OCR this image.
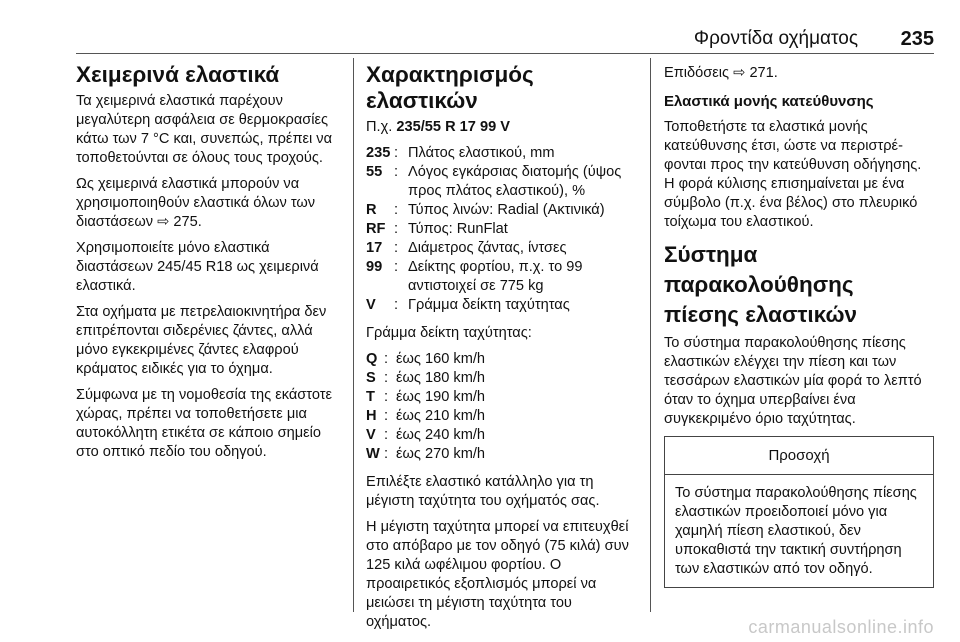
Φροντίδα οχήματος 235
Χειμερινά ελαστικά

Τα χειμερινά ελαστικά παρέχουν μεγαλύτερη ασφάλεια σε θερμοκρασίες κάτω των 7 °C και, συνεπώς, πρέπει να τοποθετούνται σε όλους τους τροχούς.

Ως χειμερινά ελαστικά μπορούν να χρησιμοποιηθούν ελαστικά όλων των διαστάσεων ⇨ 275.

Χρησιμοποιείτε μόνο ελαστικά διαστάσεων 245/45 R18 ως χειμερινά ελαστικά.

Στα οχήματα με πετρελαιοκινητήρα δεν επιτρέπονται σιδερένιες ζάντες, αλλά μόνο εγκεκριμένες ζάντες ελαφρού κράματος ειδικές για το όχημα.

Σύμφωνα με τη νομοθεσία της εκάστοτε χώρας, πρέπει να τοποθετήσετε μια αυτοκόλλητη ετικέτα σε κάποιο σημείο στο οπτικό πεδίο του οδηγού.

Χαρακτηρισμός ελαστικών
Π.χ. 235/55 R 17 99 V
235 : Πλάτος ελαστικού, mm
55 : Λόγος εγκάρσιας διατομής (ύψος προς πλάτος ελαστικού), %
R	: Τύπος λινών: Radial (Ακτινικά)
RF : Τύπος: RunFlat
17 : Διάμετρος ζάντας, ίντσες
99 : Δείκτης φορτίου, π.χ. το 99 αντιστοιχεί σε 775 kg
V	: Γράμμα δείκτη ταχύτητας

Γράμμα δείκτη ταχύτητας:

Q : έως 160 km/h
S : έως 180 km/h
T : έως 190 km/h
H : έως 210 km/h
V : έως 240 km/h
W : έως 270 km/h

Επιλέξτε ελαστικό κατάλληλο για τη μέγιστη ταχύτητα του οχήματός σας.

Η μέγιστη ταχύτητα μπορεί να επιτευχθεί στο απόβαρο με τον οδηγό (75 κιλά) συν 125 κιλά ωφέλιμου φορτίου. Ο προαιρετικός εξοπλισμός μπορεί να μειώσει τη μέγιστη ταχύτητα του οχήματος.

Επιδόσεις ⇨ 271.

Ελαστικά μονής κατεύθυνσης

Τοποθετήστε τα ελαστικά μονής κατεύθυνσης έτσι, ώστε να περιστρέφονται προς την κατεύθυνση οδήγησης. Η φορά κύλισης επισημαίνεται με ένα σύμβολο (π.χ. ένα βέλος) στο πλευρικό τοίχωμα του ελαστικού.

Σύστημα παρακολούθησης πίεσης ελαστικών

Το σύστημα παρακολούθησης πίεσης ελαστικών ελέγχει την πίεση και των τεσσάρων ελαστικών μία φορά το λεπτό όταν το όχημα υπερβαίνει ένα συγκεκριμένο όριο ταχύτητας.

Προσοχή
Το σύστημα παρακολούθησης πίεσης ελαστικών προειδοποιεί μόνο για χαμηλή πίεση ελαστικού, δεν υποκαθιστά την τακτική συντήρηση των ελαστικών από τον οδηγό.
carmanualsonline.info
